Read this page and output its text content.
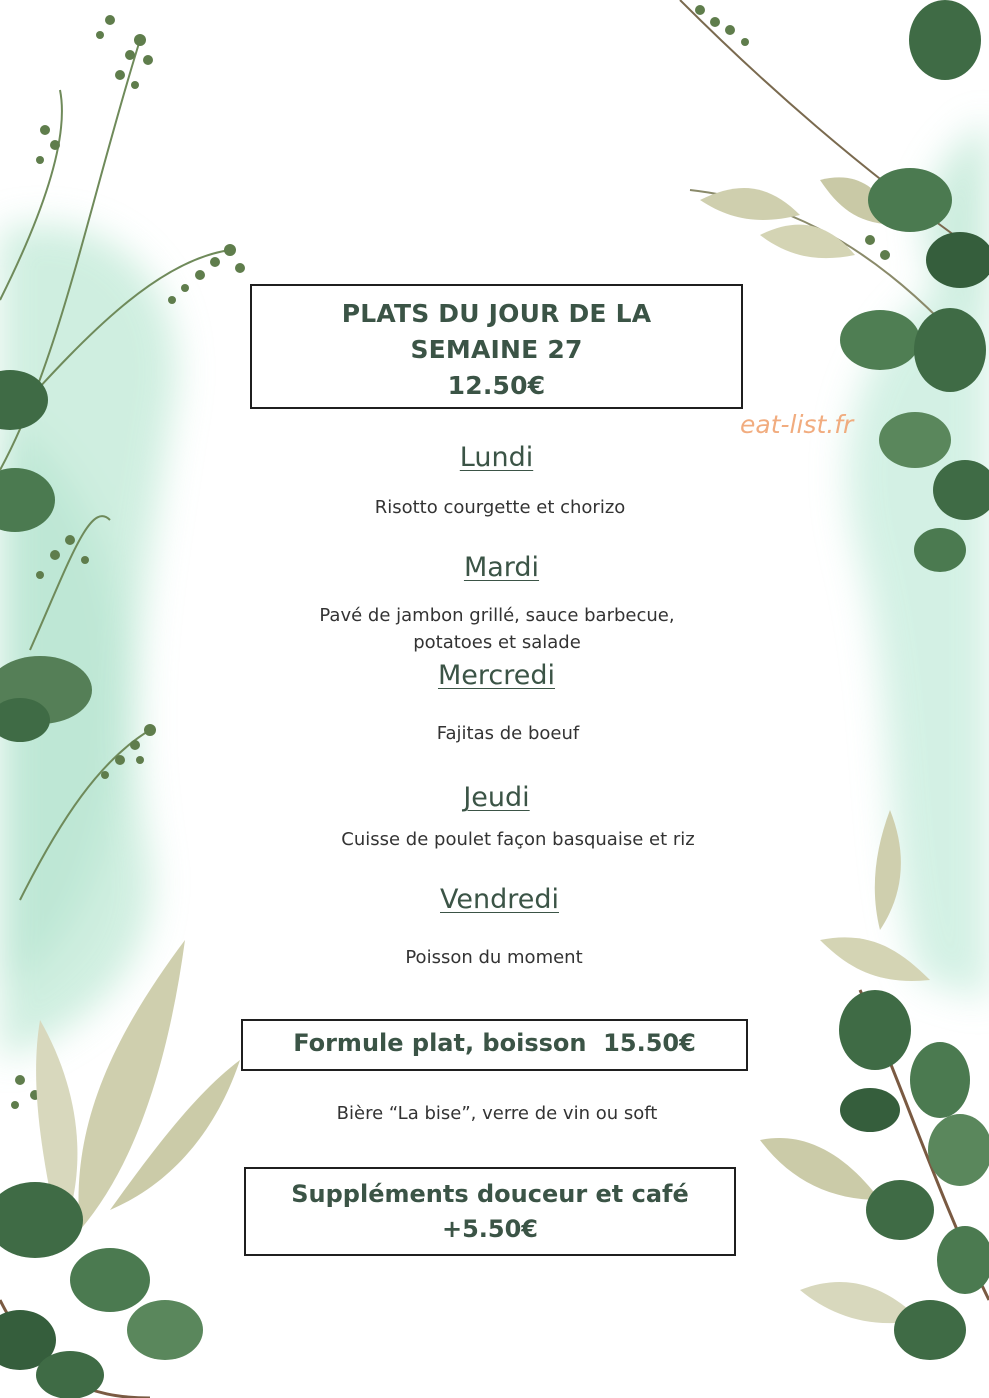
PLATS DU JOUR DE LA
SEMAINE 27
12.50€
eat-list.fr
Lundi
Risotto courgette et chorizo
Mardi
Pavé de jambon grillé, sauce barbecue,
potatoes et salade
Mercredi
Fajitas de boeuf
Jeudi
Cuisse de poulet façon basquaise et riz
Vendredi
Poisson du moment
Formule plat, boisson  15.50€
Bière “La bise”, verre de vin ou soft
Suppléments douceur et café
+5.50€
